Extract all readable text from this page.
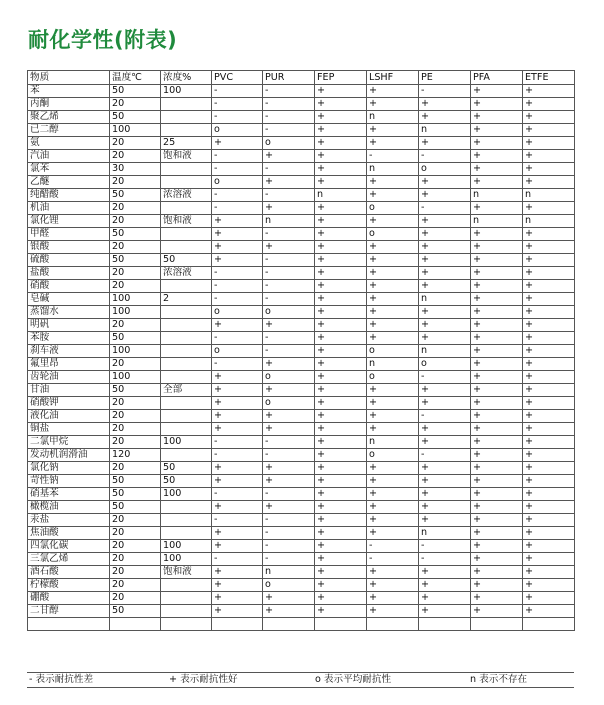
耐化学性(附表)
物质	温度℃	浓度%	PVC	PUR	FEP	LSHF	PE	PFA	ETFE
苯	50	100	-	-	+	+	-	+	+
丙酮	20		-	-	+	+	+	+	+
聚乙烯	50		-	-	+	n	+	+	+
已二醇	100		o	-	+	+	n	+	+
氨	20	25	+	o	+	+	+	+	+
汽油	20	饱和液	-	+	+	-	-	+	+
氯苯	30		-	-	+	n	o	+	+
乙醚	20		o	+	+	+	+	+	+
纯醋酸	50	浓溶液	-	-	n	+	+	n	n
机油	20		-	+	+	o	-	+	+
氯化锂	20	饱和液	+	n	+	+	+	n	n
甲醛	50		+	-	+	o	+	+	+
银酸	20		+	+	+	+	+	+	+
硫酸	50	50	+	-	+	+	+	+	+
盐酸	20	浓溶液	-	-	+	+	+	+	+
硝酸	20		-	-	+	+	+	+	+
皂碱	100	2	-	-	+	+	n	+	+
蒸馏水	100		o	o	+	+	+	+	+
明矾	20		+	+	+	+	+	+	+
苯胺	50		-	-	+	+	+	+	+
刹车液	100		o	-	+	o	n	+	+
氟里昂	20		-	+	+	n	o	+	+
齿轮油	100		+	o	+	o	-	+	+
甘油	50	全部	+	+	+	+	+	+	+
硝酸钾	20		+	o	+	+	+	+	+
液化油	20		+	+	+	+	-	+	+
铜盐	20		+	+	+	+	+	+	+
二氯甲烷	20	100	-	-	+	n	+	+	+
发动机润滑油	120		-	-	+	o	-	+	+
氯化钠	20	50	+	+	+	+	+	+	+
苛性钠	50	50	+	+	+	+	+	+	+
硝基苯	50	100	-	-	+	+	+	+	+
橄榄油	50		+	+	+	+	+	+	+
汞盐	20		-	-	+	+	+	+	+
焦油酸	20		+	-	+	+	n	+	+
四氯化碳	20	100	+	-	+	-	-	+	+
三氯乙烯	20	100	-	-	+	-	-	+	+
酒石酸	20	饱和液	+	n	+	+	+	+	+
柠檬酸	20		+	o	+	+	+	+	+
硼酸	20		+	+	+	+	+	+	+
二甘醇	50		+	+	+	+	+	+	+

- 表示耐抗性差	+ 表示耐抗性好	o 表示平均耐抗性	n 表示不存在
